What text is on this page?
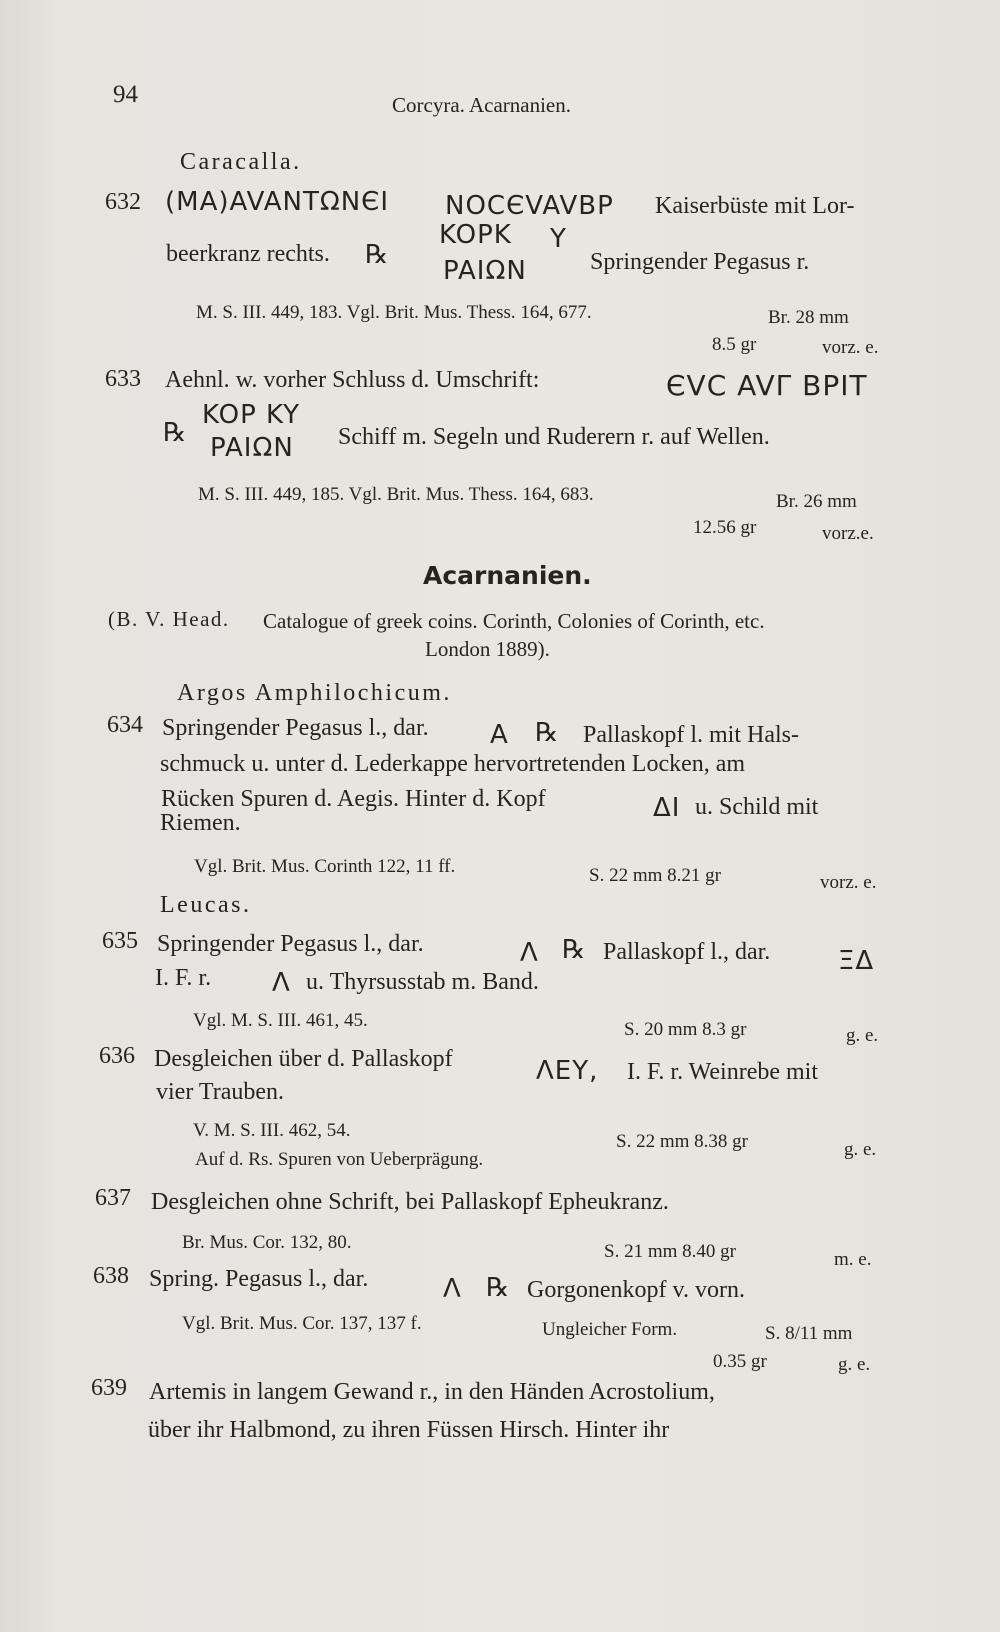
94	Corcyra. Acarnanien.
Caracalla.
632 (MA)AVANTΩNЄI NOCЄVAVBP Kaiserbüste mit Lor-
beerkranz rechts. ℞
KOPK Y
PAIΩN	Springender Pegasus r.
M. S. III. 449, 183. Vgl. Brit. Mus. Thess. 164, 677.	Br. 28 mm
8.5 gr	vorz. e.
633 Aehnl. w. vorher Schluss d. Umschrift:	ЄVC AVΓ BPIT
℞
KOP KY
PAIΩN Schiff m. Segeln und Ruderern r. auf Wellen.
M. S. III. 449, 185. Vgl. Brit. Mus. Thess. 164, 683.	Br. 26 mm
12.56 gr	vorz.e.
Acarnanien.
(B. V. Head. Catalogue of greek coins. Corinth, Colonies of Corinth, etc.
London 1889).
Argos Amphilochicum.
634 Springender Pegasus l., dar. A ℞ Pallaskopf l. mit Hals-
schmuck u. unter d. Lederkappe hervortretenden Locken, am
Rücken Spuren d. Aegis. Hinter d. Kopf	ΔI u. Schild mit
Riemen.
Vgl. Brit. Mus. Corinth 122, 11 ff.	S. 22 mm 8.21 gr	vorz. e.
Leucas.
635 Springender Pegasus l., dar.	Λ ℞ Pallaskopf l., dar.	ΞΔ
I. F. r. Λ u. Thyrsusstab m. Band.
Vgl. M. S. III. 461, 45.	S. 20 mm 8.3 gr	g. e.
636 Desgleichen über d. Pallaskopf	ΛEY, I. F. r. Weinrebe mit
vier Trauben.
V. M. S. III. 462, 54.
Auf d. Rs. Spuren von Ueberprägung.
S. 22 mm 8.38 gr	g. e.
637 Desgleichen ohne Schrift, bei Pallaskopf Epheukranz.
Br. Mus. Cor. 132, 80.	S. 21 mm 8.40 gr	m. e.
638 Spring. Pegasus l., dar.	Λ ℞ Gorgonenkopf v. vorn.
Vgl. Brit. Mus. Cor. 137, 137 f.	Ungleicher Form.	S. 8/11 mm
0.35 gr	g. e.
639 Artemis in langem Gewand r., in den Händen Acrostolium,
über ihr Halbmond, zu ihren Füssen Hirsch. Hinter ihr
